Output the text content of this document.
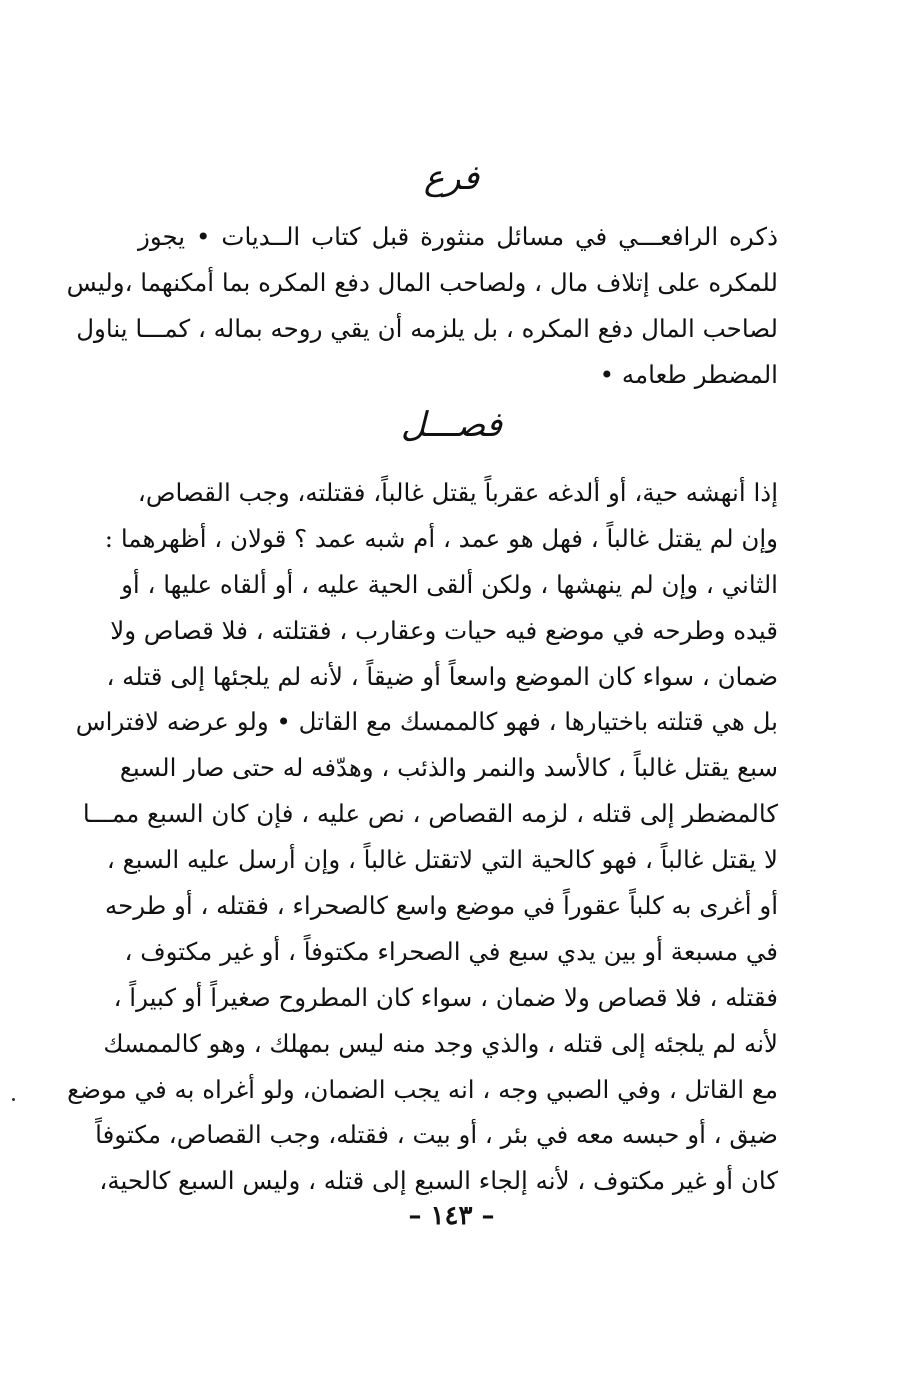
فرع
ذكره الرافعـــي في مسائل منثورة قبل كتاب الــديات • يجوز
للمكره على إتلاف مال ، ولصاحب المال دفع المكره بما أمكنهما ،وليس
لصاحب المال دفع المكره ، بل يلزمه أن يقي روحه بماله ، كمـــا يناول
المضطر طعامه •
فصـــل
إذا أنهشه حية، أو ألدغه عقرباً يقتل غالباً، فقتلته، وجب القصاص،
وإن لم يقتل غالباً ، فهل هو عمد ، أم شبه عمد ؟ قولان ، أظهرهما :
الثاني ، وإن لم ينهشها ، ولكن ألقى الحية عليه ، أو ألقاه عليها ، أو
قيده وطرحه في موضع فيه حيات وعقارب ، فقتلته ، فلا قصاص ولا
ضمان ، سواء كان الموضع واسعاً أو ضيقاً ، لأنه لم يلجئها إلى قتله ،
بل هي قتلته باختيارها ، فهو كالممسك مع القاتل • ولو عرضه لافتراس
سبع يقتل غالباً ، كالأسد والنمر والذئب ، وهدّفه له حتى صار السبع
كالمضطر إلى قتله ، لزمه القصاص ، نص عليه ، فإن كان السبع ممـــا
لا يقتل غالباً ، فهو كالحية التي لاتقتل غالباً ، وإن أرسل عليه السبع ،
أو أغرى به كلباً عقوراً في موضع واسع كالصحراء ، فقتله ، أو طرحه
في مسبعة أو بين يدي سبع في الصحراء مكتوفاً ، أو غير مكتوف ،
فقتله ، فلا قصاص ولا ضمان ، سواء كان المطروح صغيراً أو كبيراً ،
لأنه لم يلجئه إلى قتله ، والذي وجد منه ليس بمهلك ، وهو كالممسك
مع القاتل ، وفي الصبي وجه ، انه يجب الضمان، ولو أغراه به في موضع
ضيق ، أو حبسه معه في بئر ، أو بيت ، فقتله، وجب القصاص، مكتوفاً
كان أو غير مكتوف ، لأنه إلجاء السبع إلى قتله ، وليس السبع كالحية،
– ١٤٣ –
